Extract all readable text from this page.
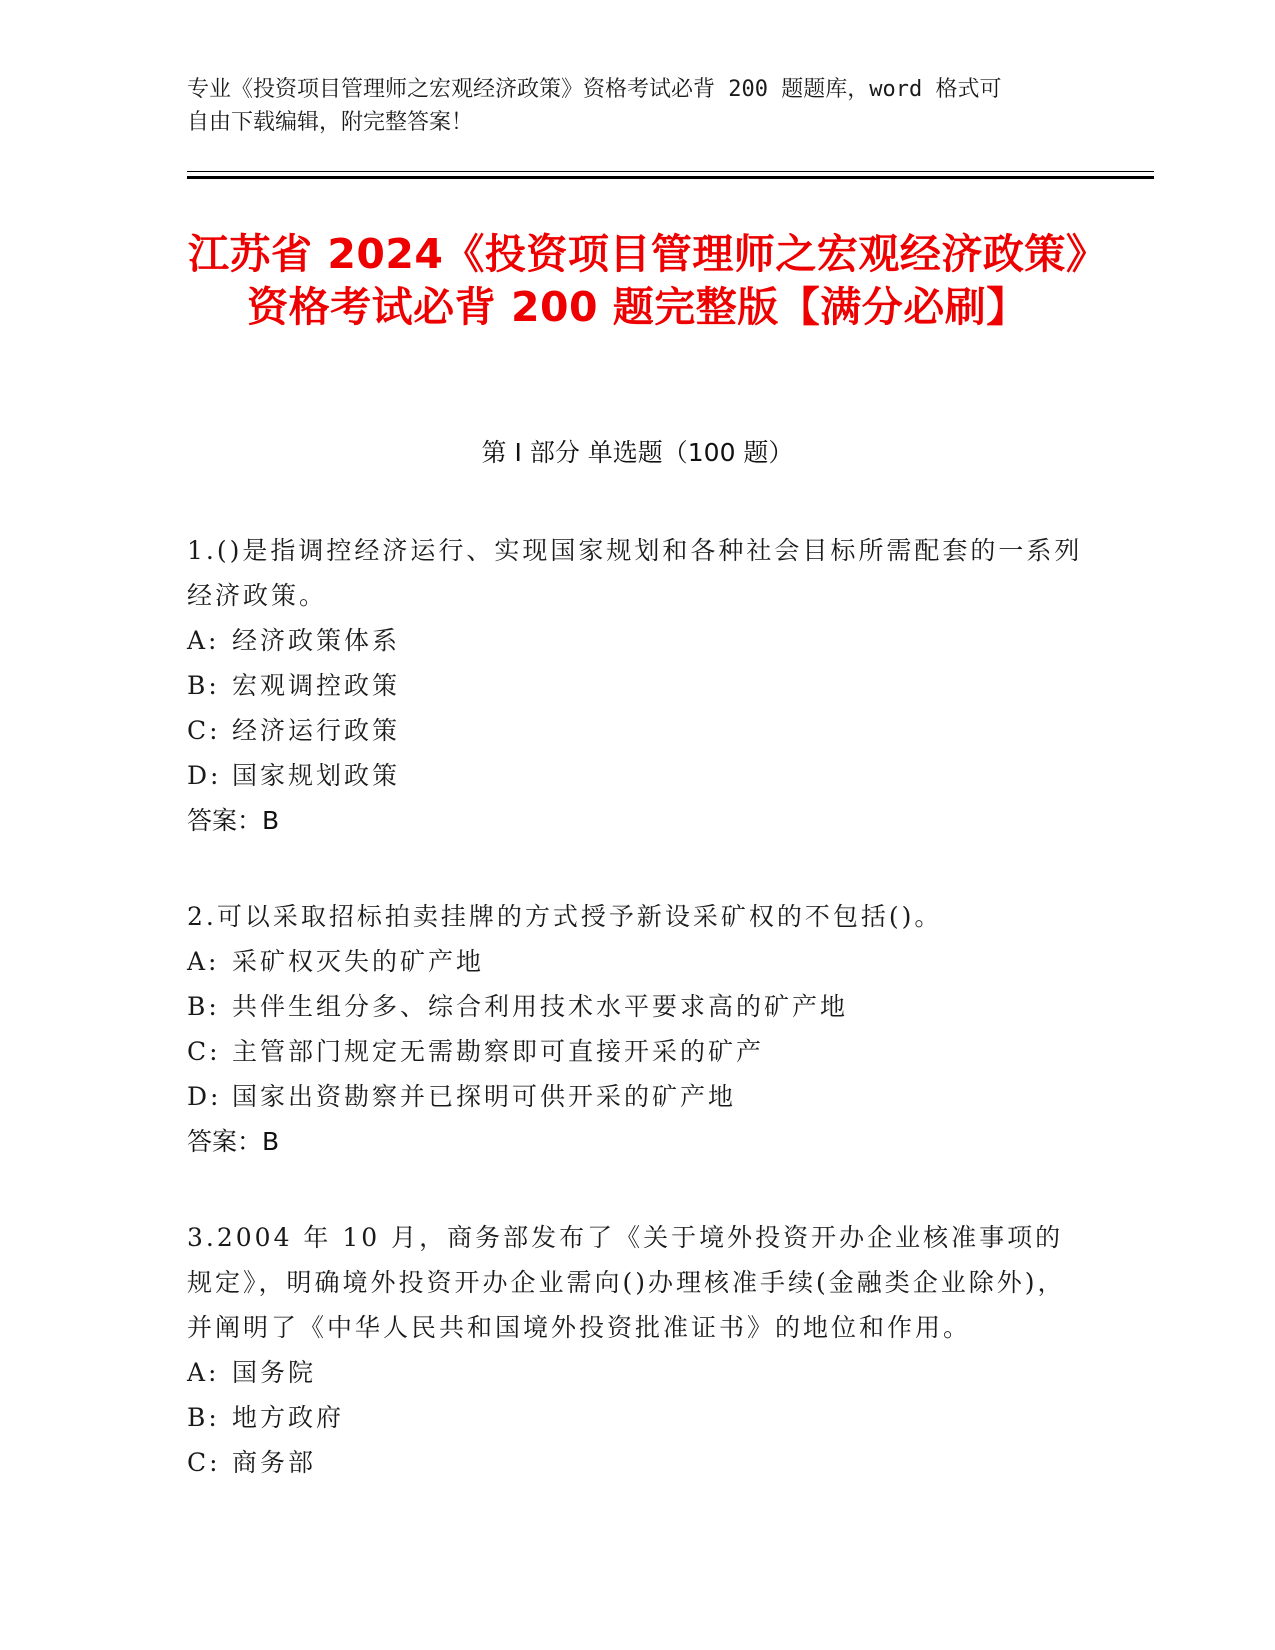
专业《投资项目管理师之宏观经济政策》资格考试必背 200 题题库，word 格式可
自由下载编辑，附完整答案！
江苏省 2024《投资项目管理师之宏观经济政策》资格考试必背 200 题完整版【满分必刷】
第 I 部分 单选题（100 题）
1.()是指调控经济运行、实现国家规划和各种社会目标所需配套的一系列经济政策。
A: 经济政策体系
B: 宏观调控政策
C: 经济运行政策
D: 国家规划政策
答案：B
2.可以采取招标拍卖挂牌的方式授予新设采矿权的不包括()。
A: 采矿权灭失的矿产地
B: 共伴生组分多、综合利用技术水平要求高的矿产地
C: 主管部门规定无需勘察即可直接开采的矿产
D: 国家出资勘察并已探明可供开采的矿产地
答案：B
3.2004 年 10 月，商务部发布了《关于境外投资开办企业核准事项的规定》，明确境外投资开办企业需向()办理核准手续(金融类企业除外)，并阐明了《中华人民共和国境外投资批准证书》的地位和作用。
A: 国务院
B: 地方政府
C: 商务部
